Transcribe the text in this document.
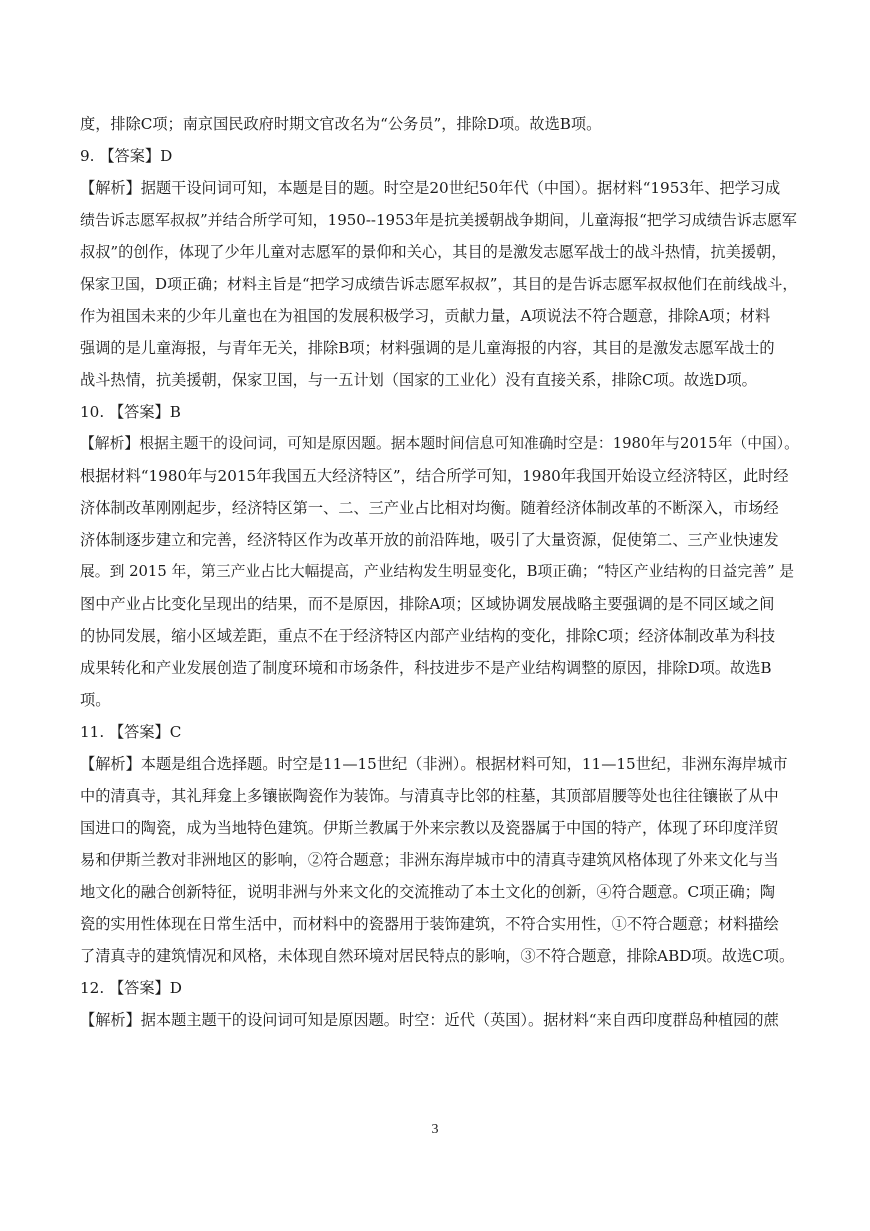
度，排除C项；南京国民政府时期文官改名为“公务员”，排除D项。故选B项。
9. 【答案】D
【解析】据题干设问词可知，本题是目的题。时空是20世纪50年代（中国）。据材料“1953年、把学习成
绩告诉志愿军叔叔”并结合所学可知，1950--1953年是抗美援朝战争期间，儿童海报“把学习成绩告诉志愿军
叔叔”的创作，体现了少年儿童对志愿军的景仰和关心，其目的是激发志愿军战士的战斗热情，抗美援朝，
保家卫国，D项正确；材料主旨是“把学习成绩告诉志愿军叔叔”，其目的是告诉志愿军叔叔他们在前线战斗，
作为祖国未来的少年儿童也在为祖国的发展积极学习，贡献力量，A项说法不符合题意，排除A项；材料
强调的是儿童海报，与青年无关，排除B项；材料强调的是儿童海报的内容，其目的是激发志愿军战士的
战斗热情，抗美援朝，保家卫国，与一五计划（国家的工业化）没有直接关系，排除C项。故选D项。
10. 【答案】B
【解析】根据主题干的设问词，可知是原因题。据本题时间信息可知准确时空是：1980年与2015年（中国）。
根据材料“1980年与2015年我国五大经济特区”，结合所学可知，1980年我国开始设立经济特区，此时经
济体制改革刚刚起步，经济特区第一、二、三产业占比相对均衡。随着经济体制改革的不断深入，市场经
济体制逐步建立和完善，经济特区作为改革开放的前沿阵地，吸引了大量资源，促使第二、三产业快速发
展。到 2015 年，第三产业占比大幅提高，产业结构发生明显变化，B项正确；“特区产业结构的日益完善” 是
图中产业占比变化呈现出的结果，而不是原因，排除A项；区域协调发展战略主要强调的是不同区域之间
的协同发展，缩小区域差距，重点不在于经济特区内部产业结构的变化，排除C项；经济体制改革为科技
成果转化和产业发展创造了制度环境和市场条件，科技进步不是产业结构调整的原因，排除D项。故选B
项。
11. 【答案】C
【解析】本题是组合选择题。时空是11—15世纪（非洲）。根据材料可知，11—15世纪，非洲东海岸城市
中的清真寺，其礼拜龛上多镶嵌陶瓷作为装饰。与清真寺比邻的柱墓，其顶部眉腰等处也往往镶嵌了从中
国进口的陶瓷，成为当地特色建筑。伊斯兰教属于外来宗教以及瓷器属于中国的特产，体现了环印度洋贸
易和伊斯兰教对非洲地区的影响，②符合题意；非洲东海岸城市中的清真寺建筑风格体现了外来文化与当
地文化的融合创新特征，说明非洲与外来文化的交流推动了本土文化的创新，④符合题意。C项正确；陶
瓷的实用性体现在日常生活中，而材料中的瓷器用于装饰建筑，不符合实用性，①不符合题意；材料描绘
了清真寺的建筑情况和风格，未体现自然环境对居民特点的影响，③不符合题意，排除ABD项。故选C项。
12. 【答案】D
【解析】据本题主题干的设问词可知是原因题。时空：近代（英国）。据材料“来自西印度群岛种植园的蔗
3
